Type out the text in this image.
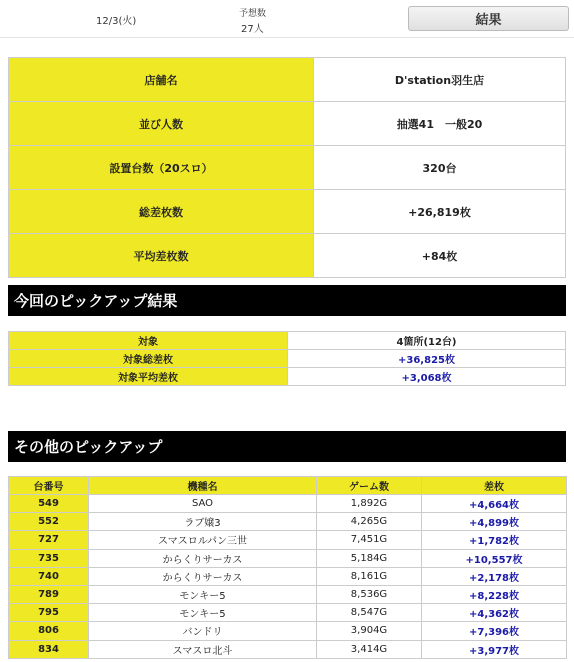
12/3(火)
予想数
27人
結果
店舗名	D'station羽生店
並び人数	抽選41　一般20
設置台数（20スロ）	320台
総差枚数	+26,819枚
平均差枚数	+84枚
今回のピックアップ結果
対象	4箇所(12台)
対象総差枚	+36,825枚
対象平均差枚	+3,068枚
その他のピックアップ
台番号	機種名	ゲーム数	差枚
549	SAO	1,892G	+4,664枚
552	ラブ嬢3	4,265G	+4,899枚
727	スマスロルパン三世	7,451G	+1,782枚
735	からくりサーカス	5,184G	+10,557枚
740	からくりサーカス	8,161G	+2,178枚
789	モンキー5	8,536G	+8,228枚
795	モンキー5	8,547G	+4,362枚
806	バンドリ	3,904G	+7,396枚
834	スマスロ北斗	3,414G	+3,977枚
